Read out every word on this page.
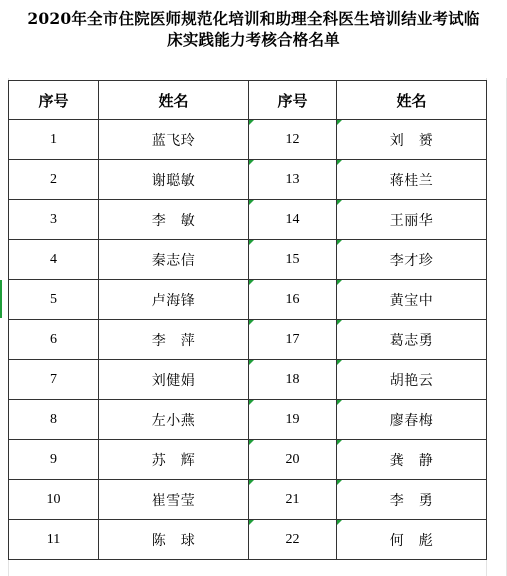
2020年全市住院医师规范化培训和助理全科医生培训结业考试临
床实践能力考核合格名单
序号	姓名	序号	姓名
1	蓝飞玲	12	刘　赟
2	谢聪敏	13	蒋桂兰
3	李　敏	14	王丽华
4	秦志信	15	李才珍
5	卢海锋	16	黄宝中
6	李　萍	17	葛志勇
7	刘健娟	18	胡艳云
8	左小燕	19	廖春梅
9	苏　辉	20	龚　静
10	崔雪莹	21	李　勇
11	陈　球	22	何　彪
